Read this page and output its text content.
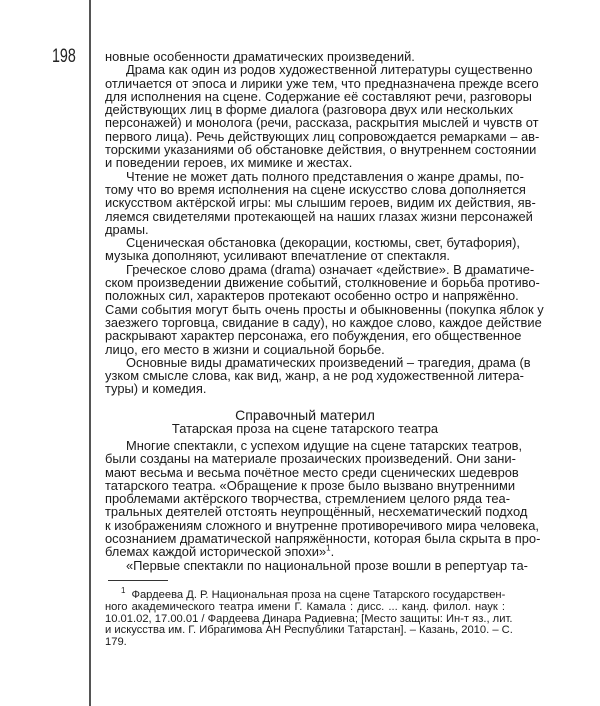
198 новные особенности драматических произведений.
Драма как один из родов художественной литературы существенно
отличается от эпоса и лирики уже тем, что предназначена прежде всего
для исполнения на сцене. Содержание её составляют речи, разговоры
действующих лиц в форме диалога (разговора двух или нескольких
персонажей) и монолога (речи, рассказа, раскрытия мыслей и чувств от
первого лица). Речь действующих лиц сопровождается ремарками – ав-
торскими указаниями об обстановке действия, о внутреннем состоянии
и поведении героев, их мимике и жестах.
Чтение не может дать полного представления о жанре драмы, по-
тому что во время исполнения на сцене искусство слова дополняется
искусством актёрской игры: мы слышим героев, видим их действия, яв-
ляемся свидетелями протекающей на наших глазах жизни персонажей
драмы.
Сценическая обстановка (декорации, костюмы, свет, бутафория),
музыка дополняют, усиливают впечатление от спектакля.
Греческое слово драма (drama) означает «действие». В драматиче-
ском произведении движение событий, столкновение и борьба противо-
положных сил, характеров протекают особенно остро и напряжённо.
Сами события могут быть очень просты и обыкновенны (покупка яблок у
заезжего торговца, свидание в саду), но каждое слово, каждое действие
раскрывают характер персонажа, его побуждения, его общественное
лицо, его место в жизни и социальной борьбе.
Основные виды драматических произведений – трагедия, драма (в
узком смысле слова, как вид, жанр, а не род художественной литера-
туры) и комедия.
Справочный материл
Татарская проза на сцене татарского театра
Многие спектакли, с успехом идущие на сцене татарских театров,
были созданы на материале прозаических произведений. Они зани-
мают весьма и весьма почётное место среди сценических шедевров
татарского театра. «Обращение к прозе было вызвано внутренними
проблемами актёрского творчества, стремлением целого ряда теа-
тральных деятелей отстоять неупрощённый, несхематический подход
к изображениям сложного и внутренне противоречивого мира человека,
осознанием драматической напряжённости, которая была скрыта в про-
блемах каждой исторической эпохи»$^1$.
«Первые спектакли по национальной прозе вошли в репертуар та-
$^1$ Фардеева Д. Р. Национальная проза на сцене Татарского государствен-
ного академического театра имени Г. Камала : дисс. ... канд. филол. наук :
10.01.02, 17.00.01 / Фардеева Динара Радиевна; [Место защиты: Ин-т яз., лит.
и искусства им. Г. Ибрагимова АН Республики Татарстан]. – Казань, 2010. – С.
179.
